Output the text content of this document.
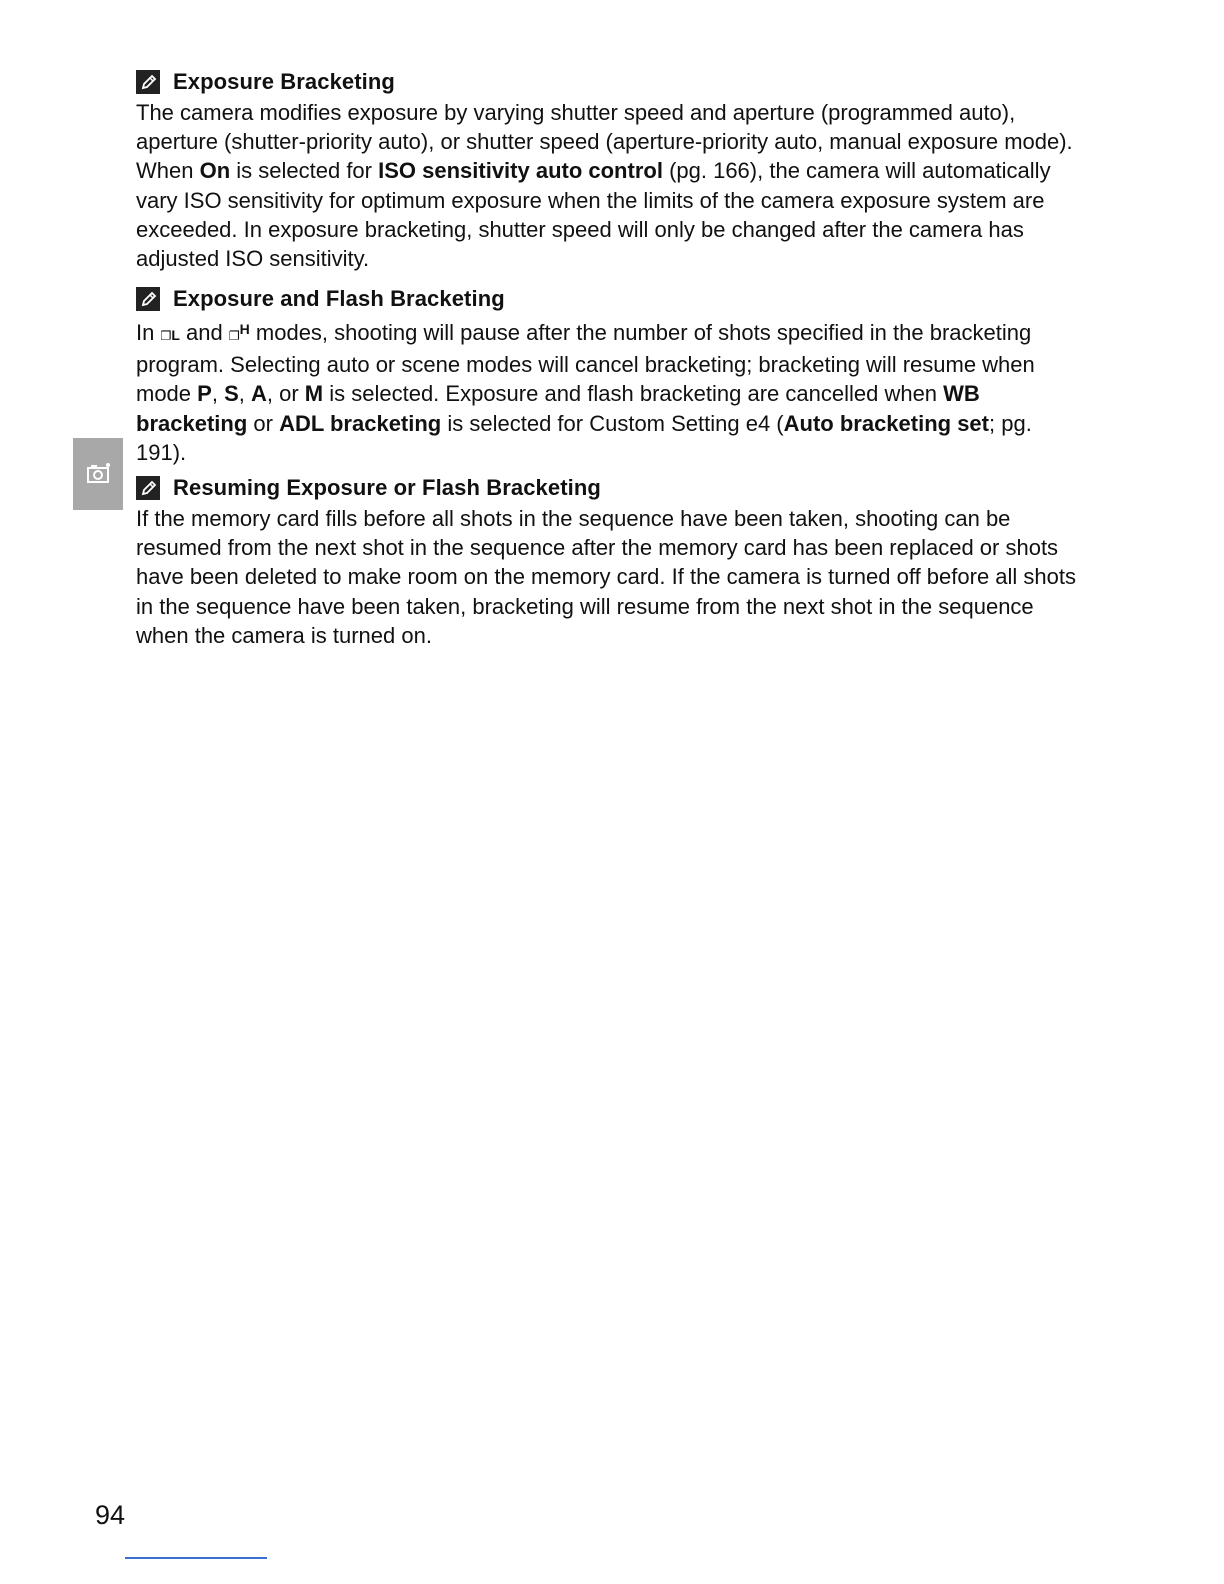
Exposure Bracketing

The camera modifies exposure by varying shutter speed and aperture (programmed auto), aperture (shutter-priority auto), or shutter speed (aperture-priority auto, manual exposure mode). When On is selected for ISO sensitivity auto control (pg. 166), the camera will automatically vary ISO sensitivity for optimum exposure when the limits of the camera exposure system are exceeded. In exposure bracketing, shutter speed will only be changed after the camera has adjusted ISO sensitivity.

Exposure and Flash Bracketing

In ❐L and ❐$^H$ modes, shooting will pause after the number of shots specified in the bracketing program. Selecting auto or scene modes will cancel bracketing; bracketing will resume when mode P, S, A, or M is selected. Exposure and flash bracketing are cancelled when WB bracketing or ADL bracketing is selected for Custom Setting e4 (Auto bracketing set; pg. 191).

Resuming Exposure or Flash Bracketing

If the memory card fills before all shots in the sequence have been taken, shooting can be resumed from the next shot in the sequence after the memory card has been replaced or shots have been deleted to make room on the memory card. If the camera is turned off before all shots in the sequence have been taken, bracketing will resume from the next shot in the sequence when the camera is turned on.

94
